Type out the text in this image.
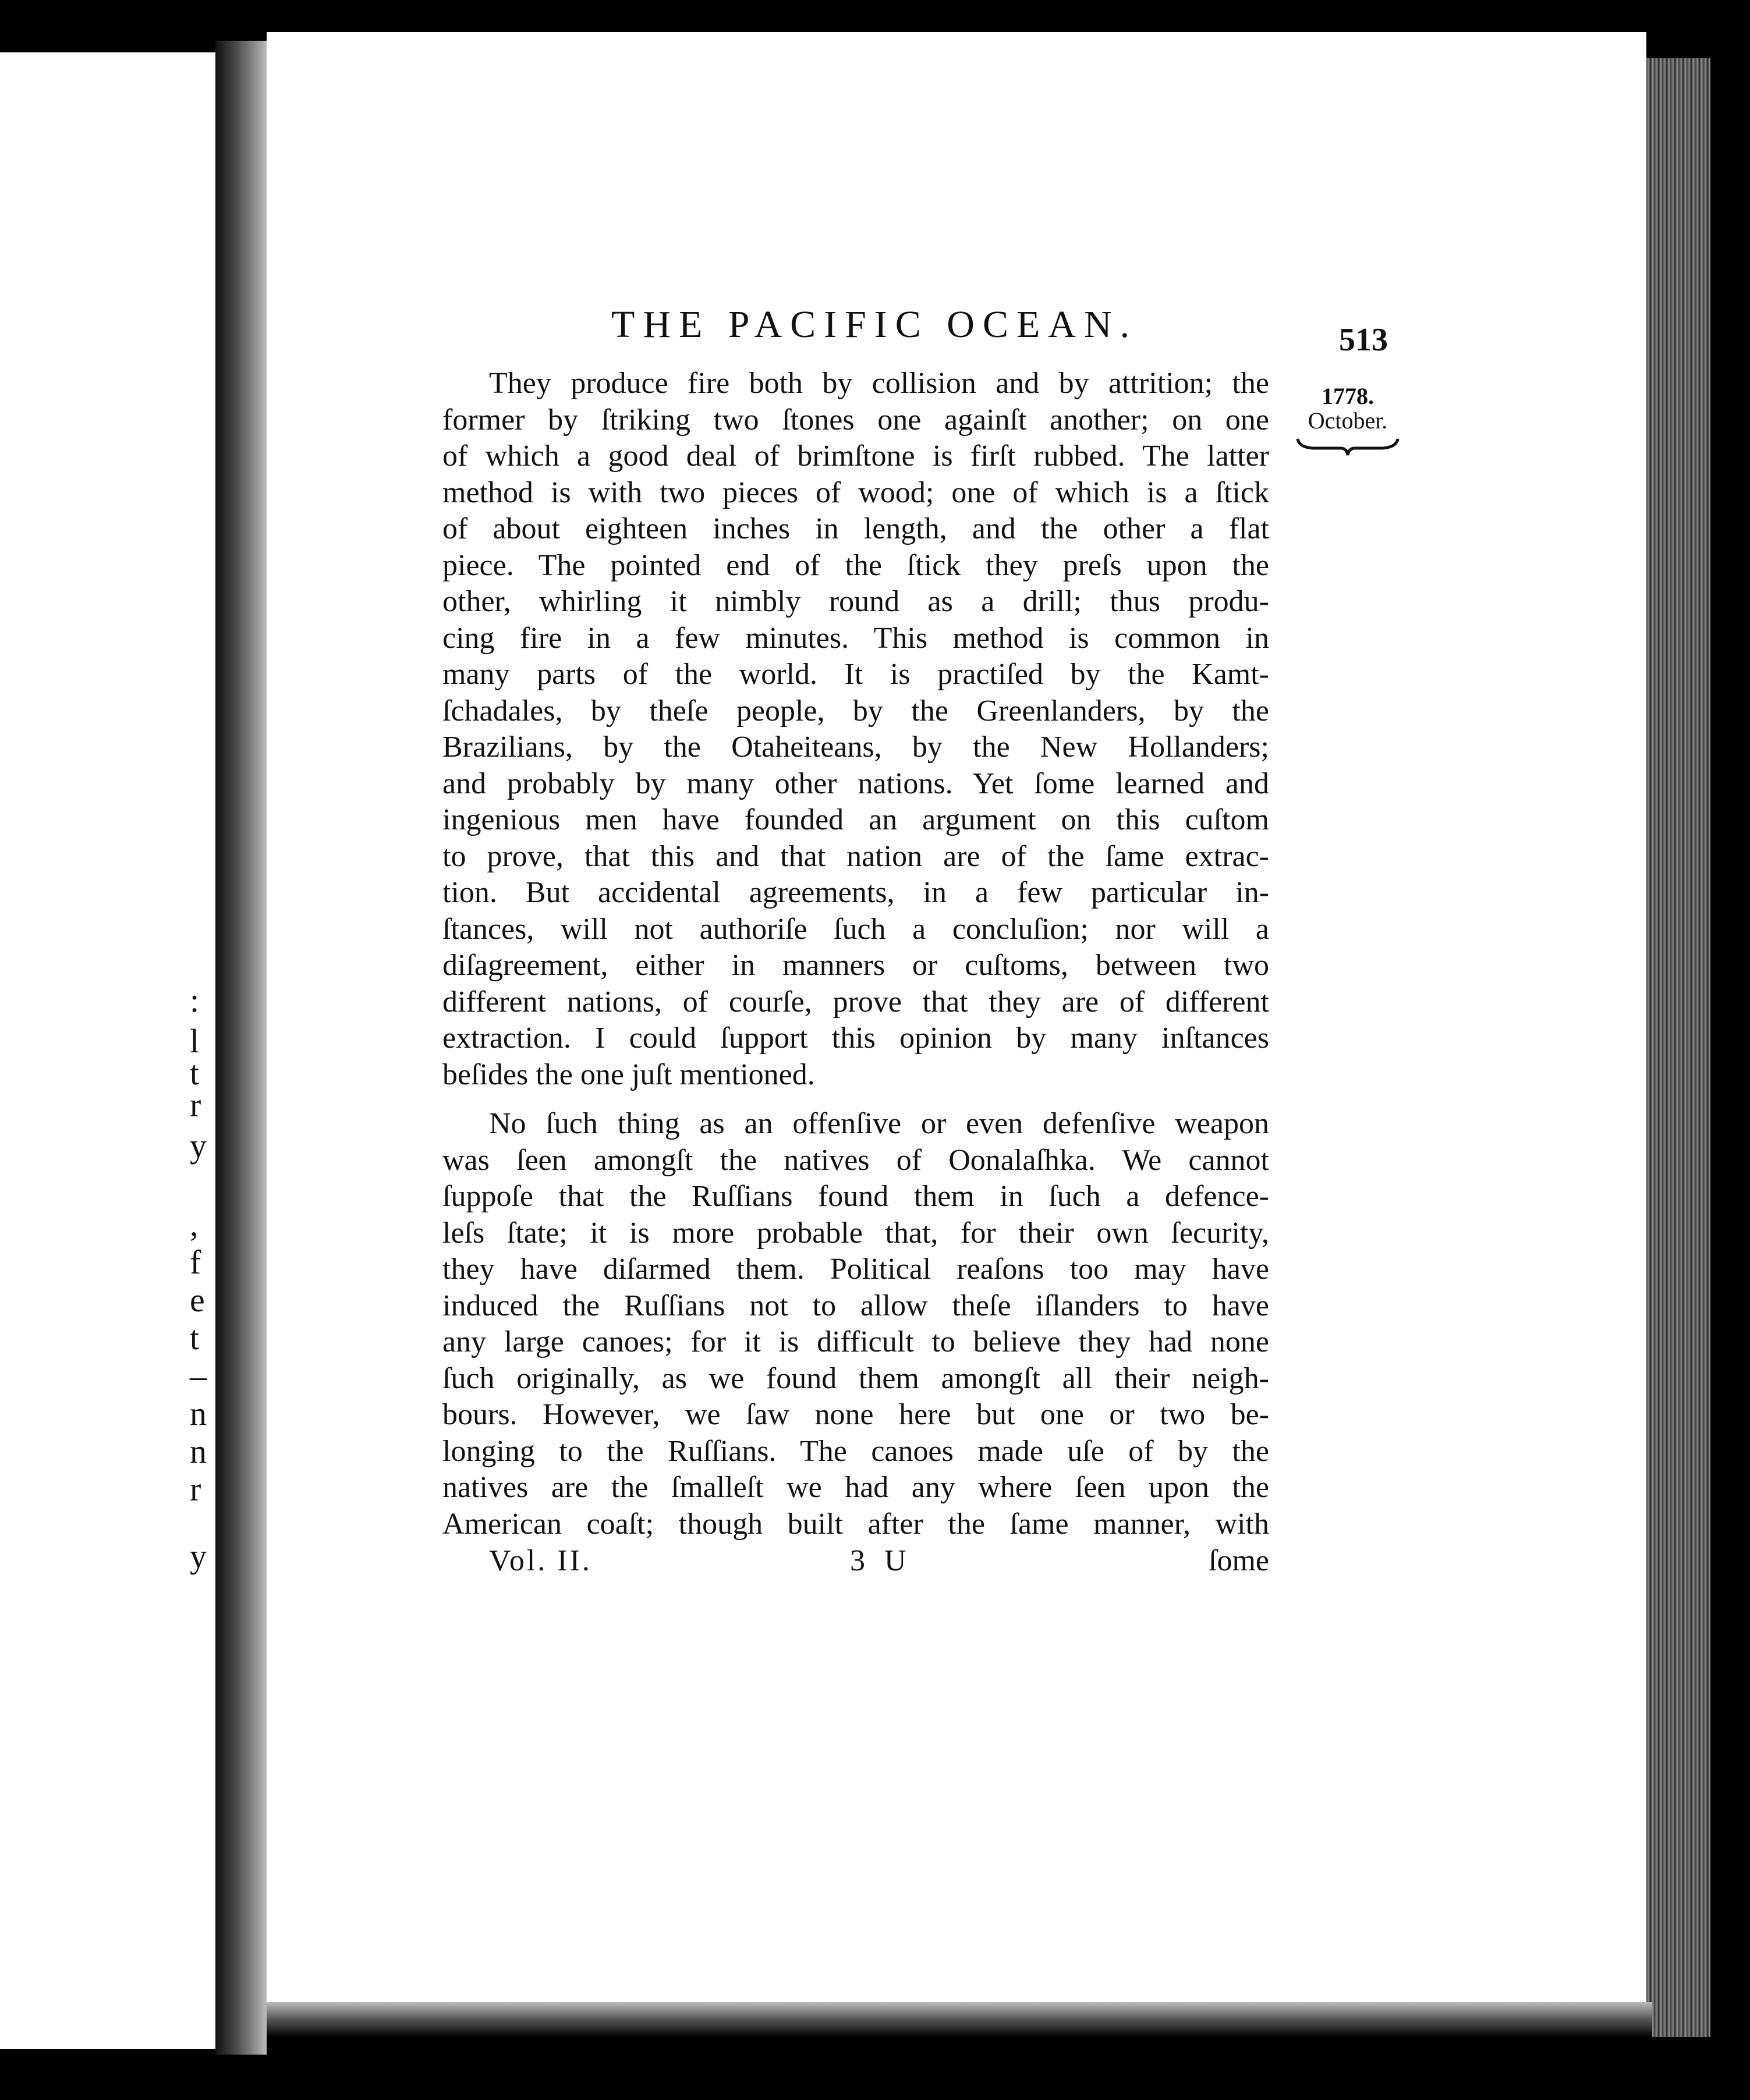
:
l
t
r
y
,
f
e
t
–
n
n
r
y
THE PACIFIC OCEAN.	513
1778.
October.
They produce fire both by collision and by attrition; the
former by ſtriking two ſtones one againſt another; on one
of which a good deal of brimſtone is firſt rubbed. The latter
method is with two pieces of wood; one of which is a ſtick
of about eighteen inches in length, and the other a flat
piece. The pointed end of the ſtick they preſs upon the
other, whirling it nimbly round as a drill; thus produ-
cing fire in a few minutes. This method is common in
many parts of the world. It is practiſed by the Kamt-
ſchadales, by theſe people, by the Greenlanders, by the
Brazilians, by the Otaheiteans, by the New Hollanders;
and probably by many other nations. Yet ſome learned and
ingenious men have founded an argument on this cuſtom
to prove, that this and that nation are of the ſame extrac-
tion. But accidental agreements, in a few particular in-
ſtances, will not authoriſe ſuch a concluſion; nor will a
diſagreement, either in manners or cuſtoms, between two
different nations, of courſe, prove that they are of different
extraction. I could ſupport this opinion by many inſtances
beſides the one juſt mentioned.
No ſuch thing as an offenſive or even defenſive weapon
was ſeen amongſt the natives of Oonalaſhka. We cannot
ſuppoſe that the Ruſſians found them in ſuch a defence-
leſs ſtate; it is more probable that, for their own ſecurity,
they have diſarmed them. Political reaſons too may have
induced the Ruſſians not to allow theſe iſlanders to have
any large canoes; for it is difficult to believe they had none
ſuch originally, as we found them amongſt all their neigh-
bours. However, we ſaw none here but one or two be-
longing to the Ruſſians. The canoes made uſe of by the
natives are the ſmalleſt we had any where ſeen upon the
American coaſt; though built after the ſame manner, with
Vol. II.	3 U	ſome
